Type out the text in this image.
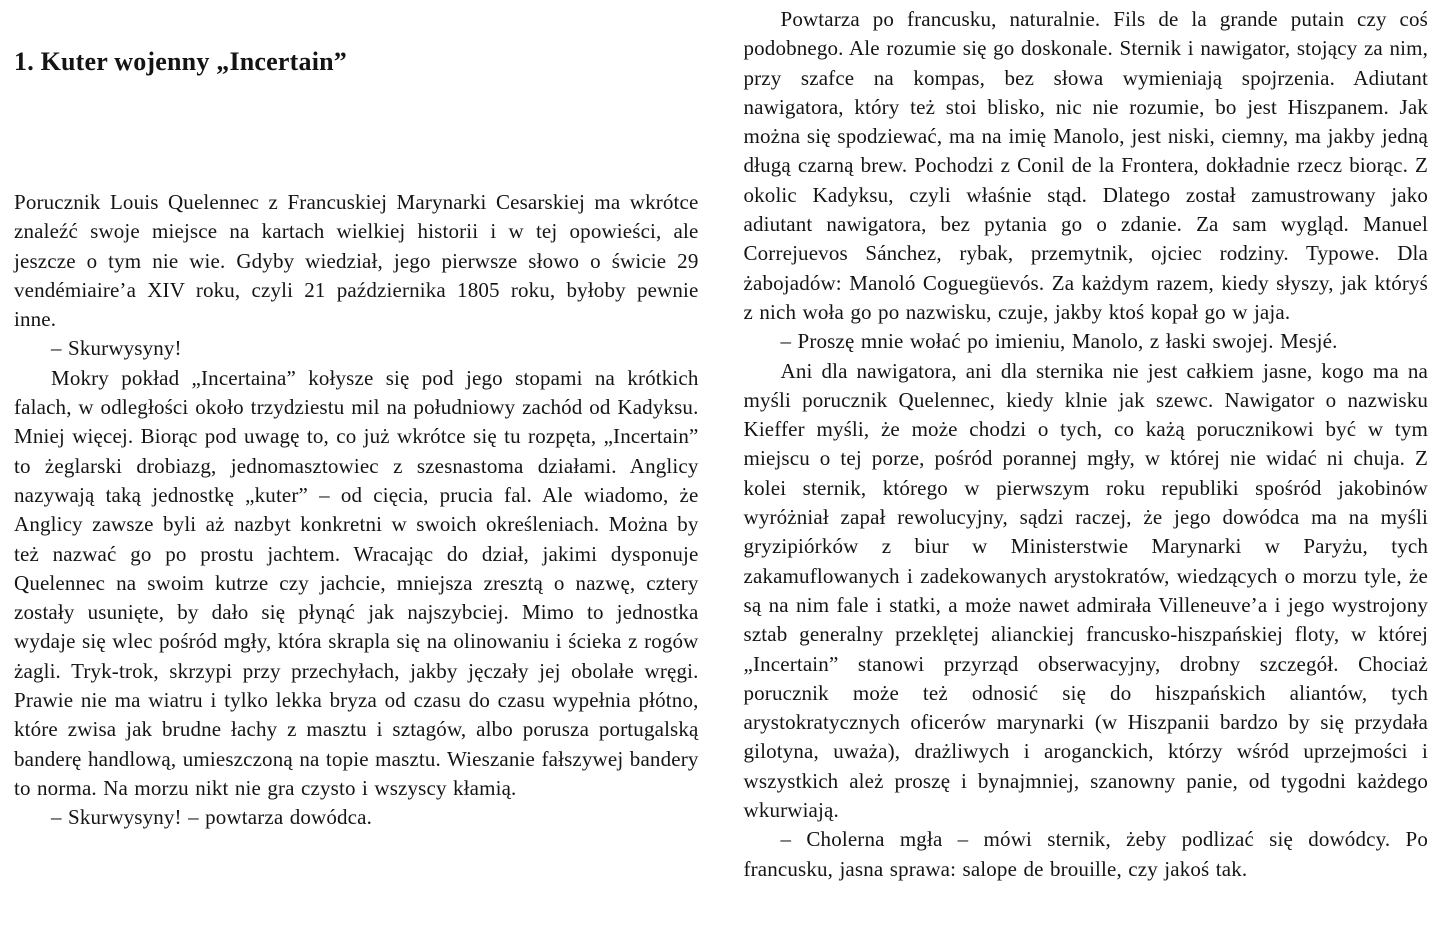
1. Kuter wojenny „Incertain”

Porucznik Louis Quelennec z Francuskiej Marynarki Cesarskiej ma wkrótce znaleźć swoje miejsce na kartach wielkiej historii i w tej opowieści, ale jeszcze o tym nie wie. Gdyby wiedział, jego pierwsze słowo o świcie 29 vendémiaire’a XIV roku, czyli 21 października 1805 roku, byłoby pewnie inne.

– Skurwysyny!

Mokry pokład „Incertaina” kołysze się pod jego stopami na krótkich falach, w odległości około trzydziestu mil na południowy zachód od Kadyksu. Mniej więcej. Biorąc pod uwagę to, co już wkrótce się tu rozpęta, „Incertain” to żeglarski drobiazg, jednomasztowiec z szesnastoma działami. Anglicy nazywają taką jednostkę „kuter” – od cięcia, prucia fal. Ale wiadomo, że Anglicy zawsze byli aż nazbyt konkretni w swoich określeniach. Można by też nazwać go po prostu jachtem. Wracając do dział, jakimi dysponuje Quelennec na swoim kutrze czy jachcie, mniejsza zresztą o nazwę, cztery zostały usunięte, by dało się płynąć jak najszybciej. Mimo to jednostka wydaje się wlec pośród mgły, która skrapla się na olinowaniu i ścieka z rogów żagli. Tryk-trok, skrzypi przy przechyłach, jakby jęczały jej obolałe wręgi. Prawie nie ma wiatru i tylko lekka bryza od czasu do czasu wypełnia płótno, które zwisa jak brudne łachy z masztu i sztagów, albo porusza portugalską banderę handlową, umieszczoną na topie masztu. Wieszanie fałszywej bandery to norma. Na morzu nikt nie gra czysto i wszyscy kłamią.

– Skurwysyny! – powtarza dowódca.

Powtarza po francusku, naturalnie. Fils de la grande putain czy coś podobnego. Ale rozumie się go doskonale. Sternik i nawigator, stojący za nim, przy szafce na kompas, bez słowa wymieniają spojrzenia. Adiutant nawigatora, który też stoi blisko, nic nie rozumie, bo jest Hiszpanem. Jak można się spodziewać, ma na imię Manolo, jest niski, ciemny, ma jakby jedną długą czarną brew. Pochodzi z Conil de la Frontera, dokładnie rzecz biorąc. Z okolic Kadyksu, czyli właśnie stąd. Dlatego został zamustrowany jako adiutant nawigatora, bez pytania go o zdanie. Za sam wygląd. Manuel Correjuevos Sánchez, rybak, przemytnik, ojciec rodziny. Typowe. Dla żabojadów: Manoló Coguegüevós. Za każdym razem, kiedy słyszy, jak któryś z nich woła go po nazwisku, czuje, jakby ktoś kopał go w jaja.

– Proszę mnie wołać po imieniu, Manolo, z łaski swojej. Mesjé.

Ani dla nawigatora, ani dla sternika nie jest całkiem jasne, kogo ma na myśli porucznik Quelennec, kiedy klnie jak szewc. Nawigator o nazwisku Kieffer myśli, że może chodzi o tych, co każą porucznikowi być w tym miejscu o tej porze, pośród porannej mgły, w której nie widać ni chuja. Z kolei sternik, którego w pierwszym roku republiki spośród jakobinów wyróżniał zapał rewolucyjny, sądzi raczej, że jego dowódca ma na myśli gryzipiórków z biur w Ministerstwie Marynarki w Paryżu, tych zakamuflowanych i zadekowanych arystokratów, wiedzących o morzu tyle, że są na nim fale i statki, a może nawet admirała Villeneuve’a i jego wystrojony sztab generalny przeklętej alianckiej francusko-hiszpańskiej floty, w której „Incertain” stanowi przyrząd obserwacyjny, drobny szczegół. Chociaż porucznik może też odnosić się do hiszpańskich aliantów, tych arystokratycznych oficerów marynarki (w Hiszpanii bardzo by się przydała gilotyna, uważa), drażliwych i aroganckich, którzy wśród uprzejmości i wszystkich ależ proszę i bynajmniej, szanowny panie, od tygodni każdego wkurwiają.

– Cholerna mgła – mówi sternik, żeby podlizać się dowódcy. Po francusku, jasna sprawa: salope de brouille, czy jakoś tak.
